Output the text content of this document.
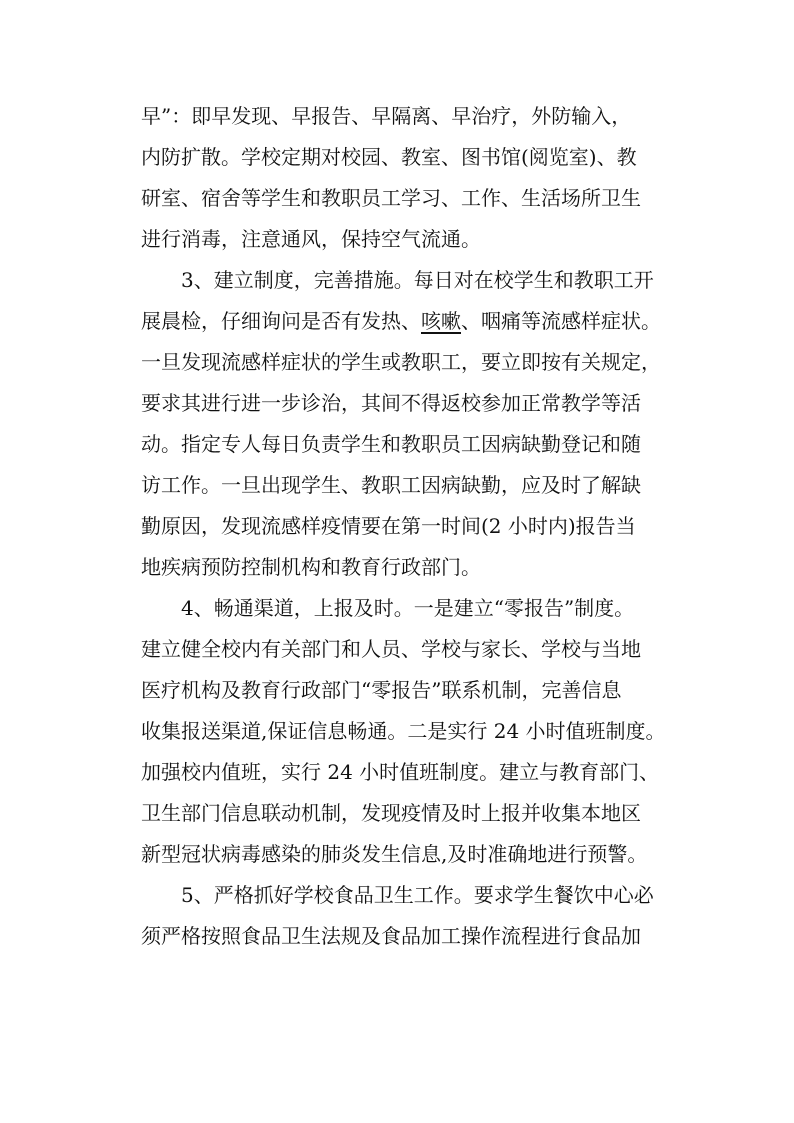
早”：即早发现、早报告、早隔离、早治疗，外防输入，
内防扩散。学校定期对校园、教室、图书馆(阅览室)、教
研室、宿舍等学生和教职员工学习、工作、生活场所卫生
进行消毒，注意通风，保持空气流通。
　　3、建立制度，完善措施。每日对在校学生和教职工开
展晨检，仔细询问是否有发热、咳嗽、咽痛等流感样症状。
一旦发现流感样症状的学生或教职工，要立即按有关规定，
要求其进行进一步诊治，其间不得返校参加正常教学等活
动。指定专人每日负责学生和教职员工因病缺勤登记和随
访工作。一旦出现学生、教职工因病缺勤，应及时了解缺
勤原因，发现流感样疫情要在第一时间(2 小时内)报告当
地疾病预防控制机构和教育行政部门。
　　4、畅通渠道，上报及时。一是建立“零报告”制度。
建立健全校内有关部门和人员、学校与家长、学校与当地
医疗机构及教育行政部门“零报告”联系机制，完善信息
收集报送渠道,保证信息畅通。二是实行 24 小时值班制度。
加强校内值班，实行 24 小时值班制度。建立与教育部门、
卫生部门信息联动机制，发现疫情及时上报并收集本地区
新型冠状病毒感染的肺炎发生信息,及时准确地进行预警。
　　5、严格抓好学校食品卫生工作。要求学生餐饮中心必
须严格按照食品卫生法规及食品加工操作流程进行食品加
